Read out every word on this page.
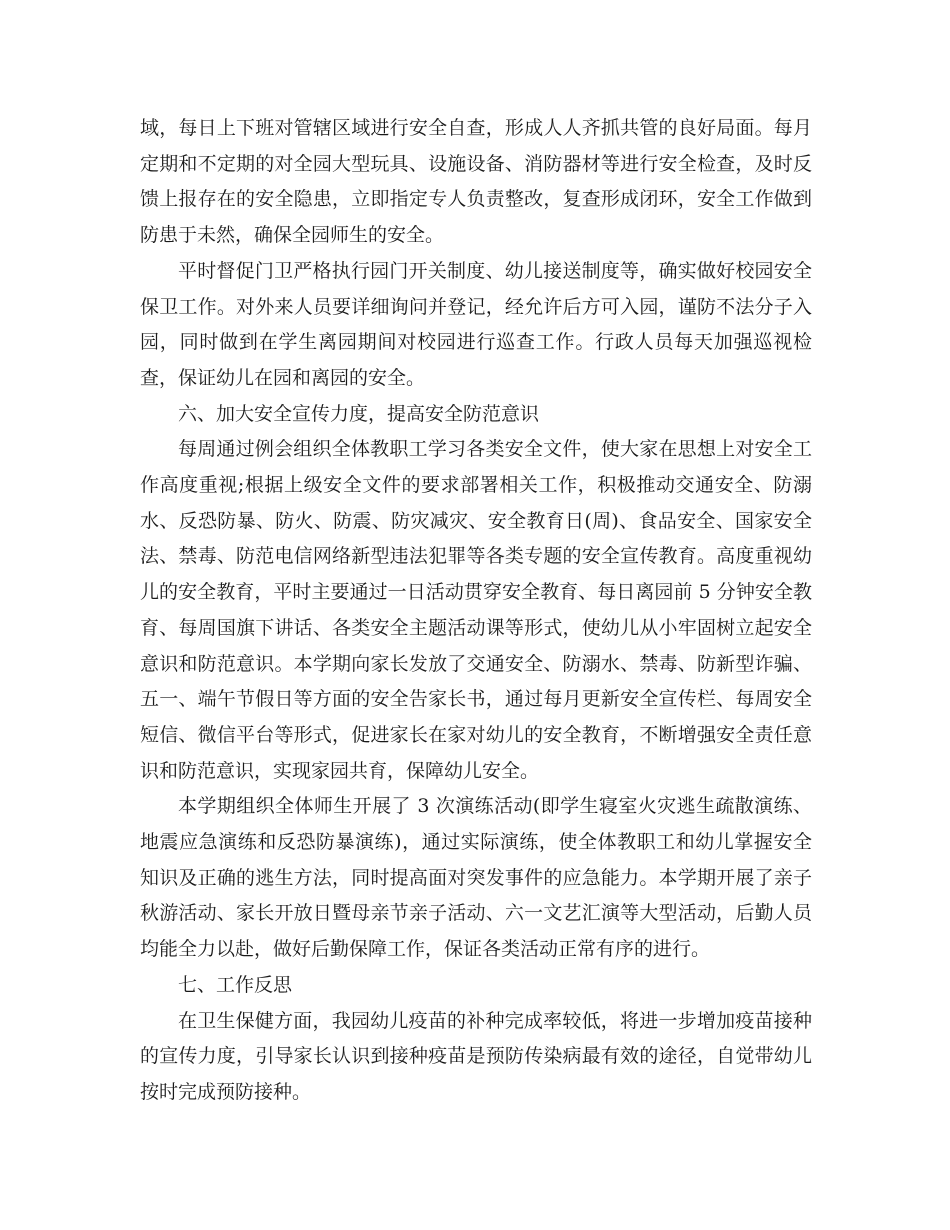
域，每日上下班对管辖区域进行安全自查，形成人人齐抓共管的良好局面。每月定期和不定期的对全园大型玩具、设施设备、消防器材等进行安全检查，及时反馈上报存在的安全隐患，立即指定专人负责整改，复查形成闭环，安全工作做到防患于未然，确保全园师生的安全。

平时督促门卫严格执行园门开关制度、幼儿接送制度等，确实做好校园安全保卫工作。对外来人员要详细询问并登记，经允许后方可入园，谨防不法分子入园，同时做到在学生离园期间对校园进行巡查工作。行政人员每天加强巡视检查，保证幼儿在园和离园的安全。

六、加大安全宣传力度，提高安全防范意识

每周通过例会组织全体教职工学习各类安全文件，使大家在思想上对安全工作高度重视;根据上级安全文件的要求部署相关工作，积极推动交通安全、防溺水、反恐防暴、防火、防震、防灾减灾、安全教育日(周)、食品安全、国家安全法、禁毒、防范电信网络新型违法犯罪等各类专题的安全宣传教育。高度重视幼儿的安全教育，平时主要通过一日活动贯穿安全教育、每日离园前 5 分钟安全教育、每周国旗下讲话、各类安全主题活动课等形式，使幼儿从小牢固树立起安全意识和防范意识。本学期向家长发放了交通安全、防溺水、禁毒、防新型诈骗、五一、端午节假日等方面的安全告家长书，通过每月更新安全宣传栏、每周安全短信、微信平台等形式，促进家长在家对幼儿的安全教育，不断增强安全责任意识和防范意识，实现家园共育，保障幼儿安全。

本学期组织全体师生开展了 3 次演练活动(即学生寝室火灾逃生疏散演练、地震应急演练和反恐防暴演练)，通过实际演练，使全体教职工和幼儿掌握安全知识及正确的逃生方法，同时提高面对突发事件的应急能力。本学期开展了亲子秋游活动、家长开放日暨母亲节亲子活动、六一文艺汇演等大型活动，后勤人员均能全力以赴，做好后勤保障工作，保证各类活动正常有序的进行。

七、工作反思

在卫生保健方面，我园幼儿疫苗的补种完成率较低，将进一步增加疫苗接种的宣传力度，引导家长认识到接种疫苗是预防传染病最有效的途径，自觉带幼儿按时完成预防接种。
